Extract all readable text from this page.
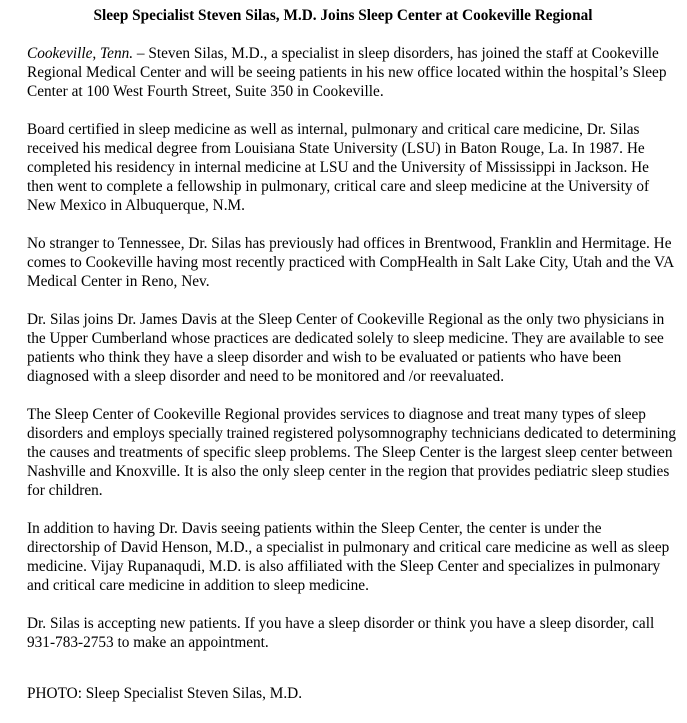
Sleep Specialist Steven Silas, M.D. Joins Sleep Center at Cookeville Regional

Cookeville, Tenn. – Steven Silas, M.D., a specialist in sleep disorders, has joined the staff at Cookeville Regional Medical Center and will be seeing patients in his new office located within the hospital’s Sleep Center at 100 West Fourth Street, Suite 350 in Cookeville.

Board certified in sleep medicine as well as internal, pulmonary and critical care medicine, Dr. Silas received his medical degree from Louisiana State University (LSU) in Baton Rouge, La. In 1987. He completed his residency in internal medicine at LSU and the University of Mississippi in Jackson. He then went to complete a fellowship in pulmonary, critical care and sleep medicine at the University of New Mexico in Albuquerque, N.M.

No stranger to Tennessee, Dr. Silas has previously had offices in Brentwood, Franklin and Hermitage. He comes to Cookeville having most recently practiced with CompHealth in Salt Lake City, Utah and the VA Medical Center in Reno, Nev.

Dr. Silas joins Dr. James Davis at the Sleep Center of Cookeville Regional as the only two physicians in the Upper Cumberland whose practices are dedicated solely to sleep medicine. They are available to see patients who think they have a sleep disorder and wish to be evaluated or patients who have been diagnosed with a sleep disorder and need to be monitored and /or reevaluated.

The Sleep Center of Cookeville Regional provides services to diagnose and treat many types of sleep disorders and employs specially trained registered polysomnography technicians dedicated to determining the causes and treatments of specific sleep problems. The Sleep Center is the largest sleep center between Nashville and Knoxville. It is also the only sleep center in the region that provides pediatric sleep studies for children.

In addition to having Dr. Davis seeing patients within the Sleep Center, the center is under the directorship of David Henson, M.D., a specialist in pulmonary and critical care medicine as well as sleep medicine. Vijay Rupanaqudi, M.D. is also affiliated with the Sleep Center and specializes in pulmonary and critical care medicine in addition to sleep medicine.

Dr. Silas is accepting new patients. If you have a sleep disorder or think you have a sleep disorder, call 931-783-2753 to make an appointment.

PHOTO: Sleep Specialist Steven Silas, M.D.
